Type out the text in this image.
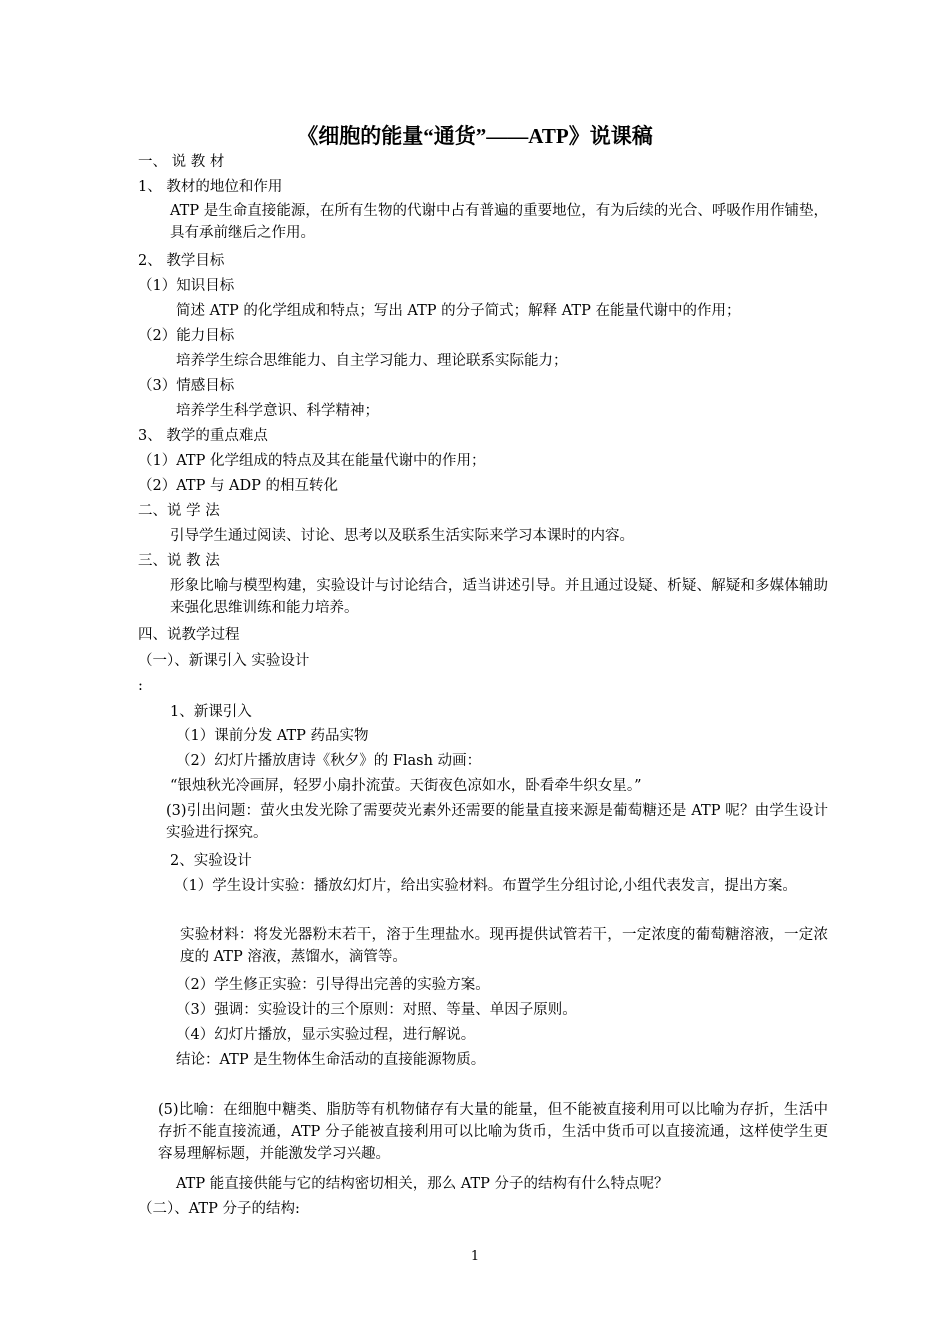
《细胞的能量“通货”——ATP》说课稿
一、 说 教 材
1、 教材的地位和作用
ATP 是生命直接能源，在所有生物的代谢中占有普遍的重要地位，有为后续的光合、呼吸作用作铺垫，具有承前继后之作用。
2、 教学目标
（1）知识目标
简述 ATP 的化学组成和特点；写出 ATP 的分子简式；解释 ATP 在能量代谢中的作用；
（2）能力目标
培养学生综合思维能力、自主学习能力、理论联系实际能力；
（3）情感目标
培养学生科学意识、科学精神；
3、 教学的重点难点
（1）ATP 化学组成的特点及其在能量代谢中的作用；
（2）ATP 与 ADP 的相互转化
二、说 学 法
引导学生通过阅读、讨论、思考以及联系生活实际来学习本课时的内容。
三、说 教 法
形象比喻与模型构建，实验设计与讨论结合，适当讲述引导。并且通过设疑、析疑、解疑和多媒体辅助来强化思维训练和能力培养。
四、说教学过程
（一）、新课引入 实验设计
:
1、新课引入
（1）课前分发 ATP 药品实物
（2）幻灯片播放唐诗《秋夕》的 Flash 动画：
“银烛秋光冷画屏，轻罗小扇扑流萤。天街夜色凉如水，卧看牵牛织女星。”
(3)引出问题：萤火虫发光除了需要荧光素外还需要的能量直接来源是葡萄糖还是 ATP 呢？由学生设计实验进行探究。
2、实验设计
（1）学生设计实验：播放幻灯片，给出实验材料。布置学生分组讨论,小组代表发言，提出方案。
实验材料：将发光器粉末若干，溶于生理盐水。现再提供试管若干，一定浓度的葡萄糖溶液，一定浓度的 ATP 溶液，蒸馏水，滴管等。
（2）学生修正实验：引导得出完善的实验方案。
（3）强调：实验设计的三个原则：对照、等量、单因子原则。
（4）幻灯片播放，显示实验过程，进行解说。
结论：ATP 是生物体生命活动的直接能源物质。
(5)比喻：在细胞中糖类、脂肪等有机物储存有大量的能量，但不能被直接利用可以比喻为存折，生活中存折不能直接流通，ATP 分子能被直接利用可以比喻为货币，生活中货币可以直接流通，这样使学生更容易理解标题，并能激发学习兴趣。
ATP 能直接供能与它的结构密切相关，那么 ATP 分子的结构有什么特点呢？
（二）、ATP 分子的结构:
1
